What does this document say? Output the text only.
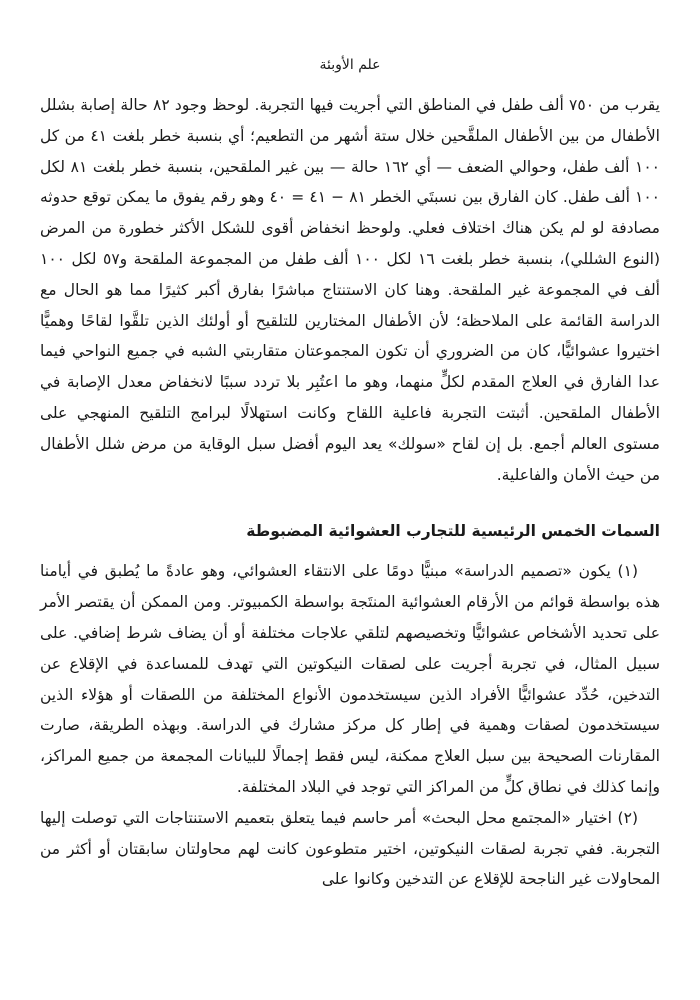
علم الأوبئة

يقرب من ٧٥٠ ألف طفل في المناطق التي أجريت فيها التجربة. لوحظ وجود ٨٢ حالة إصابة بشلل الأطفال من بين الأطفال الملقَّحين خلال ستة أشهر من التطعيم؛ أي بنسبة خطر بلغت ٤١ من كل ١٠٠ ألف طفل، وحوالي الضعف — أي ١٦٢ حالة — بين غير الملقحين، بنسبة خطر بلغت ٨١ لكل ١٠٠ ألف طفل. كان الفارق بين نسبتَي الخطر ٨١ − ٤١ = ٤٠ وهو رقم يفوق ما يمكن توقع حدوثه مصادفة لو لم يكن هناك اختلاف فعلي. ولوحظ انخفاض أقوى للشكل الأكثر خطورة من المرض (النوع الشللي)، بنسبة خطر بلغت ١٦ لكل ١٠٠ ألف طفل من المجموعة الملقحة و٥٧ لكل ١٠٠ ألف في المجموعة غير الملقحة. وهنا كان الاستنتاج مباشرًا بفارق أكبر كثيرًا مما هو الحال مع الدراسة القائمة على الملاحظة؛ لأن الأطفال المختارين للتلقيح أو أولئك الذين تلقَّوا لقاحًا وهميًّا اختيروا عشوائيًّا، كان من الضروري أن تكون المجموعتان متقاربتي الشبه في جميع النواحي فيما عدا الفارق في العلاج المقدم لكلٍّ منهما، وهو ما اعتُبِر بلا تردد سببًا لانخفاض معدل الإصابة في الأطفال الملقحين. أثبتت التجربة فاعلية اللقاح وكانت استهلالًا لبرامج التلقيح المنهجي على مستوى العالم أجمع. بل إن لقاح «سولك» يعد اليوم أفضل سبل الوقاية من مرض شلل الأطفال من حيث الأمان والفاعلية.

السمات الخمس الرئيسية للتجارب العشوائية المضبوطة

(١) يكون «تصميم الدراسة» مبنيًّا دومًا على الانتقاء العشوائي، وهو عادةً ما يُطبق في أيامنا هذه بواسطة قوائم من الأرقام العشوائية المنتَجة بواسطة الكمبيوتر. ومن الممكن أن يقتصر الأمر على تحديد الأشخاص عشوائيًّا وتخصيصهم لتلقي علاجات مختلفة أو أن يضاف شرط إضافي. على سبيل المثال، في تجربة أجريت على لصقات النيكوتين التي تهدف للمساعدة في الإقلاع عن التدخين، حُدِّد عشوائيًّا الأفراد الذين سيستخدمون الأنواع المختلفة من اللصقات أو هؤلاء الذين سيستخدمون لصقات وهمية في إطار كل مركز مشارك في الدراسة. وبهذه الطريقة، صارت المقارنات الصحيحة بين سبل العلاج ممكنة، ليس فقط إجمالًا للبيانات المجمعة من جميع المراكز، وإنما كذلك في نطاق كلٍّ من المراكز التي توجد في البلاد المختلفة.

(٢) اختيار «المجتمع محل البحث» أمر حاسم فيما يتعلق بتعميم الاستنتاجات التي توصلت إليها التجربة. ففي تجربة لصقات النيكوتين، اختير متطوعون كانت لهم محاولتان سابقتان أو أكثر من المحاولات غير الناجحة للإقلاع عن التدخين وكانوا على
